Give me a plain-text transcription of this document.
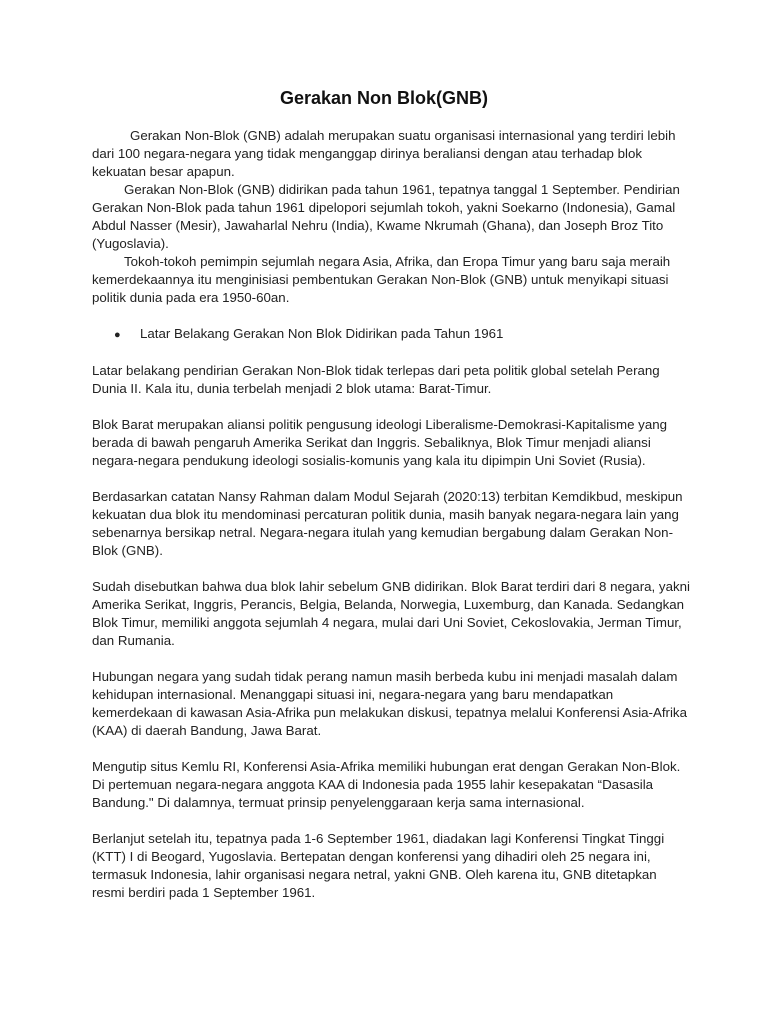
Gerakan Non Blok(GNB)

Gerakan Non-Blok (GNB) adalah merupakan suatu organisasi internasional yang terdiri lebih dari 100 negara-negara yang tidak menganggap dirinya beraliansi dengan atau terhadap blok kekuatan besar apapun.

Gerakan Non-Blok (GNB) didirikan pada tahun 1961, tepatnya tanggal 1 September. Pendirian Gerakan Non-Blok pada tahun 1961 dipelopori sejumlah tokoh, yakni Soekarno (Indonesia), Gamal Abdul Nasser (Mesir), Jawaharlal Nehru (India), Kwame Nkrumah (Ghana), dan Joseph Broz Tito (Yugoslavia).

Tokoh-tokoh pemimpin sejumlah negara Asia, Afrika, dan Eropa Timur yang baru saja meraih kemerdekaannya itu menginisiasi pembentukan Gerakan Non-Blok (GNB) untuk menyikapi situasi politik dunia pada era 1950-60an.

●	Latar Belakang Gerakan Non Blok Didirikan pada Tahun 1961

Latar belakang pendirian Gerakan Non-Blok tidak terlepas dari peta politik global setelah Perang Dunia II. Kala itu, dunia terbelah menjadi 2 blok utama: Barat-Timur.

Blok Barat merupakan aliansi politik pengusung ideologi Liberalisme-Demokrasi-Kapitalisme yang berada di bawah pengaruh Amerika Serikat dan Inggris. Sebaliknya, Blok Timur menjadi aliansi negara-negara pendukung ideologi sosialis-komunis yang kala itu dipimpin Uni Soviet (Rusia).

Berdasarkan catatan Nansy Rahman dalam Modul Sejarah (2020:13) terbitan Kemdikbud, meskipun kekuatan dua blok itu mendominasi percaturan politik dunia, masih banyak negara-negara lain yang sebenarnya bersikap netral. Negara-negara itulah yang kemudian bergabung dalam Gerakan Non-Blok (GNB).

Sudah disebutkan bahwa dua blok lahir sebelum GNB didirikan. Blok Barat terdiri dari 8 negara, yakni Amerika Serikat, Inggris, Perancis, Belgia, Belanda, Norwegia, Luxemburg, dan Kanada. Sedangkan Blok Timur, memiliki anggota sejumlah 4 negara, mulai dari Uni Soviet, Cekoslovakia, Jerman Timur, dan Rumania.

Hubungan negara yang sudah tidak perang namun masih berbeda kubu ini menjadi masalah dalam kehidupan internasional. Menanggapi situasi ini, negara-negara yang baru mendapatkan kemerdekaan di kawasan Asia-Afrika pun melakukan diskusi, tepatnya melalui Konferensi Asia-Afrika (KAA) di daerah Bandung, Jawa Barat.

Mengutip situs Kemlu RI, Konferensi Asia-Afrika memiliki hubungan erat dengan Gerakan Non-Blok. Di pertemuan negara-negara anggota KAA di Indonesia pada 1955 lahir kesepakatan “Dasasila Bandung." Di dalamnya, termuat prinsip penyelenggaraan kerja sama internasional.

Berlanjut setelah itu, tepatnya pada 1-6 September 1961, diadakan lagi Konferensi Tingkat Tinggi (KTT) I di Beogard, Yugoslavia. Bertepatan dengan konferensi yang dihadiri oleh 25 negara ini, termasuk Indonesia, lahir organisasi negara netral, yakni GNB. Oleh karena itu, GNB ditetapkan resmi berdiri pada 1 September 1961.
